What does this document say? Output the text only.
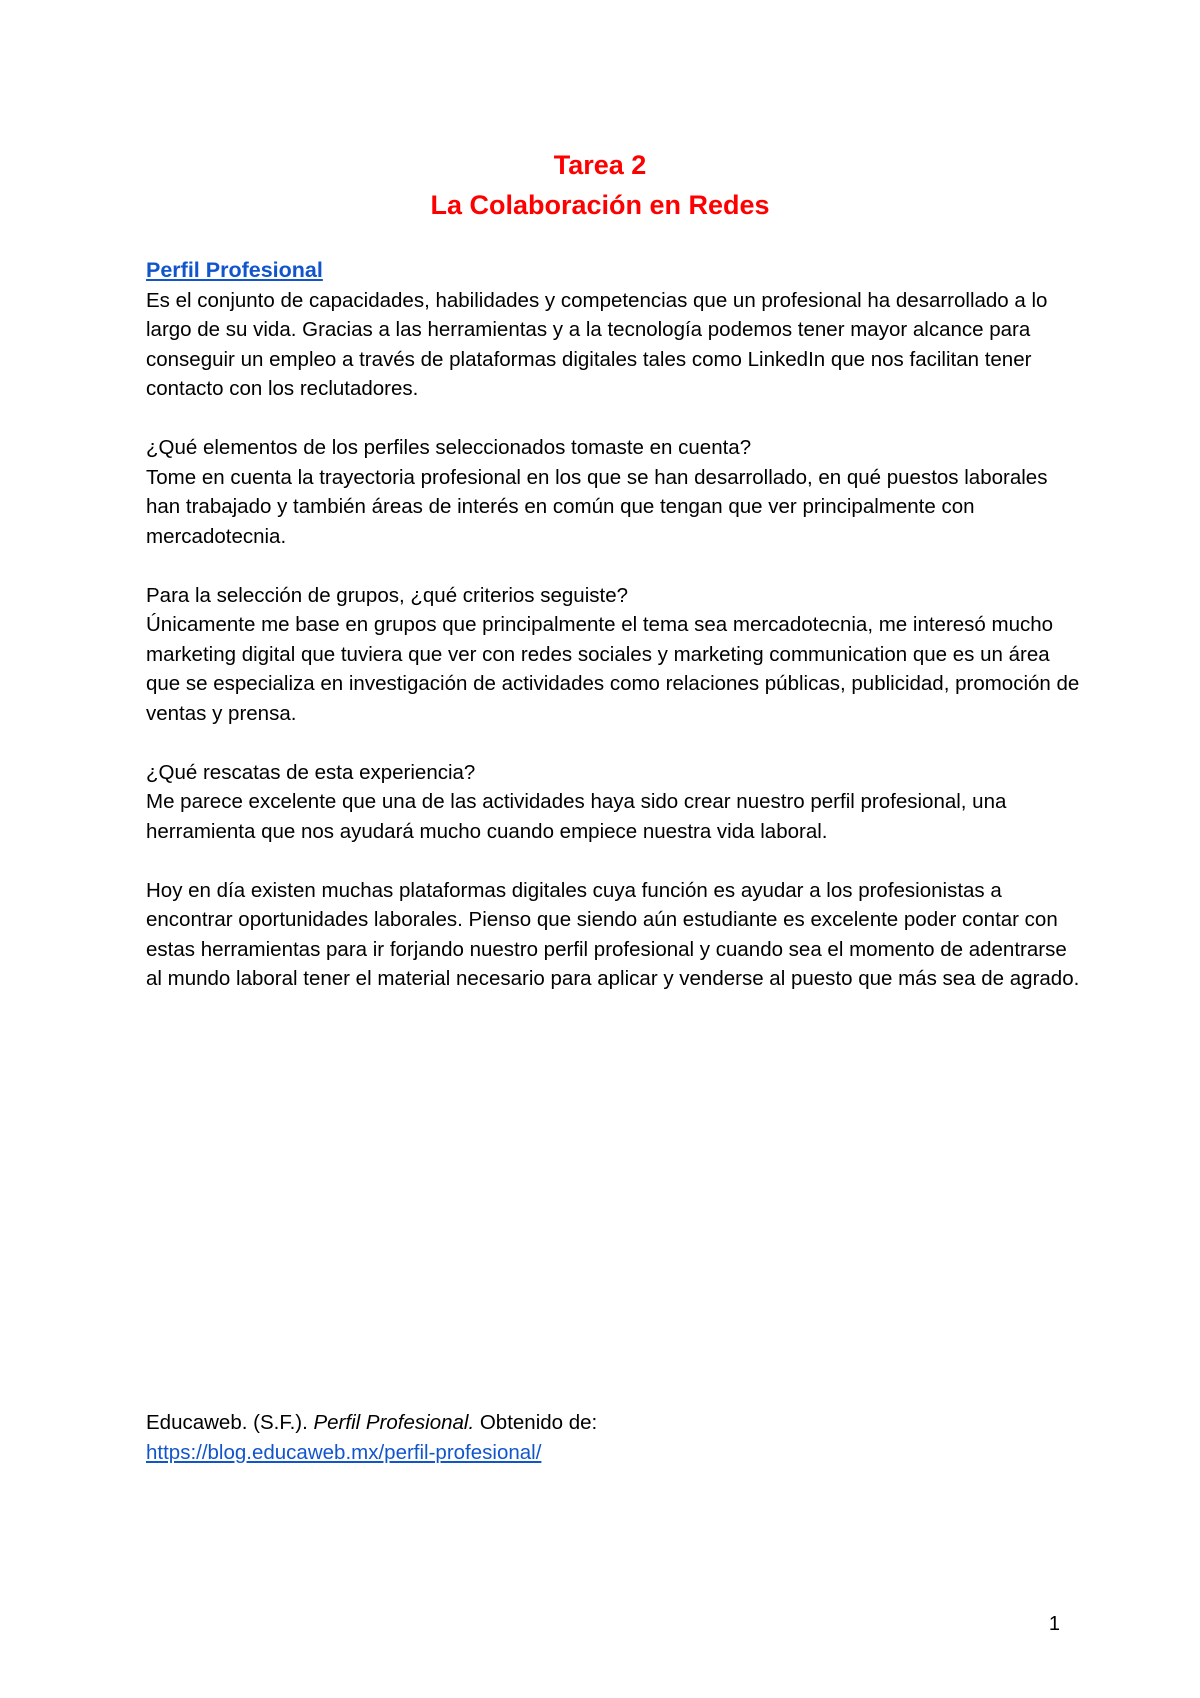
Tarea 2
La Colaboración en Redes
Perfil Profesional

Es el conjunto de capacidades, habilidades y competencias que un profesional ha desarrollado a lo largo de su vida. Gracias a las herramientas y a la tecnología podemos tener mayor alcance para conseguir un empleo a través de plataformas digitales tales como LinkedIn que nos facilitan tener contacto con los reclutadores.

¿Qué elementos de los perfiles seleccionados tomaste en cuenta?

Tome en cuenta la trayectoria profesional en los que se han desarrollado, en qué puestos laborales han trabajado y también áreas de interés en común que tengan que ver principalmente con mercadotecnia.

Para la selección de grupos, ¿qué criterios seguiste?

Únicamente me base en grupos que principalmente el tema sea mercadotecnia, me interesó mucho marketing digital que tuviera que ver con redes sociales y marketing communication que es un área que se especializa en investigación de actividades como relaciones públicas, publicidad, promoción de ventas y prensa.

¿Qué rescatas de esta experiencia?

Me parece excelente que una de las actividades haya sido crear nuestro perfil profesional, una herramienta que nos ayudará mucho cuando empiece nuestra vida laboral.

Hoy en día existen muchas plataformas digitales cuya función es ayudar a los profesionistas a encontrar oportunidades laborales. Pienso que siendo aún estudiante es excelente poder contar con estas herramientas para ir forjando nuestro perfil profesional y cuando sea el momento de adentrarse al mundo laboral tener el material necesario para aplicar y venderse al puesto que más sea de agrado.

Educaweb. (S.F.). Perfil Profesional. Obtenido de:
https://blog.educaweb.mx/perfil-profesional/
1
